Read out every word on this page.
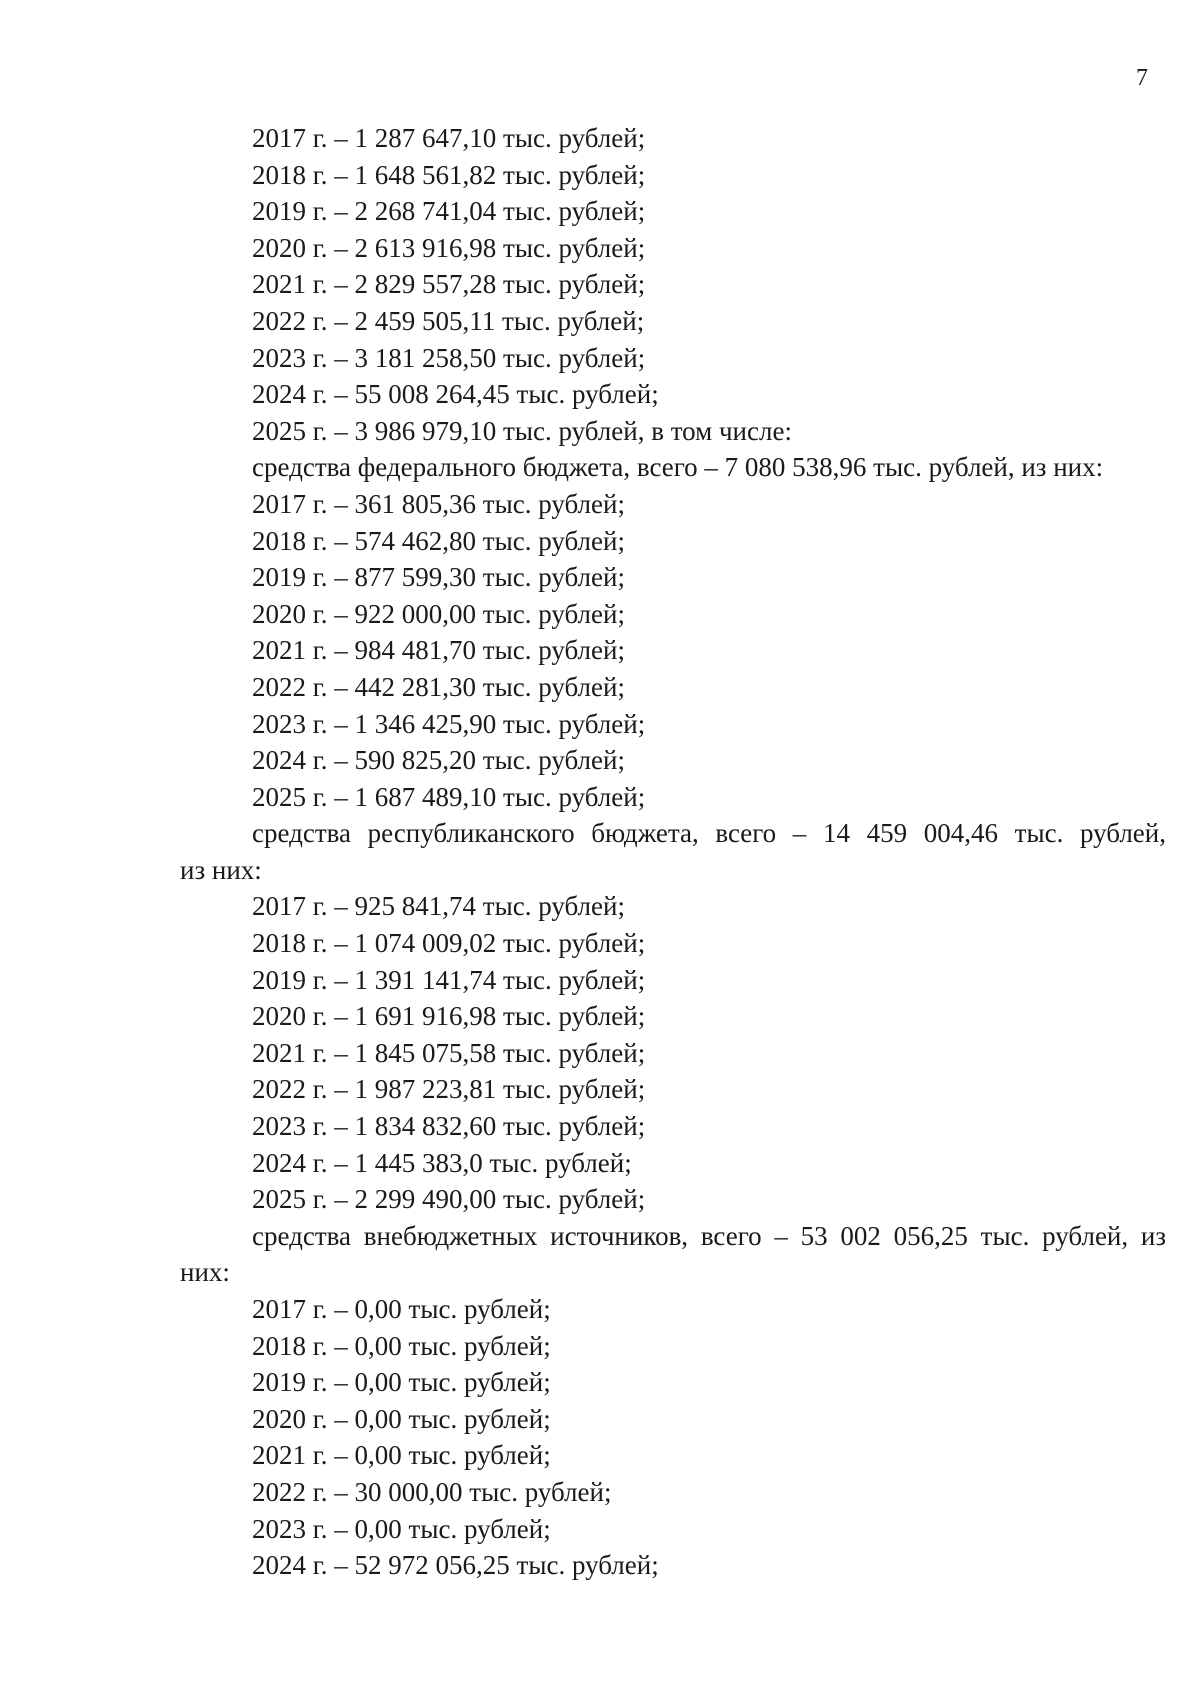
7
2017 г. – 1 287 647,10 тыс. рублей;
2018 г. – 1 648 561,82 тыс. рублей;
2019 г. – 2 268 741,04 тыс. рублей;
2020 г. – 2 613 916,98 тыс. рублей;
2021 г. – 2 829 557,28 тыс. рублей;
2022 г. – 2 459 505,11 тыс. рублей;
2023 г. – 3 181 258,50 тыс. рублей;
2024 г. – 55 008 264,45 тыс. рублей;
2025 г. – 3 986 979,10 тыс. рублей, в том числе:
средства федерального бюджета, всего – 7 080 538,96 тыс. рублей, из них:
2017 г. – 361 805,36 тыс. рублей;
2018 г. – 574 462,80 тыс. рублей;
2019 г. – 877 599,30 тыс. рублей;
2020 г. – 922 000,00 тыс. рублей;
2021 г. – 984 481,70 тыс. рублей;
2022 г. – 442 281,30 тыс. рублей;
2023 г. – 1 346 425,90 тыс. рублей;
2024 г. – 590 825,20 тыс. рублей;
2025 г. – 1 687 489,10 тыс. рублей;
средства республиканского бюджета, всего – 14 459 004,46 тыс. рублей,
из них:
2017 г. – 925 841,74 тыс. рублей;
2018 г. – 1 074 009,02 тыс. рублей;
2019 г. – 1 391 141,74 тыс. рублей;
2020 г. – 1 691 916,98 тыс. рублей;
2021 г. – 1 845 075,58 тыс. рублей;
2022 г. – 1 987 223,81 тыс. рублей;
2023 г. – 1 834 832,60 тыс. рублей;
2024 г. – 1 445 383,0 тыс. рублей;
2025 г. – 2 299 490,00 тыс. рублей;
средства внебюджетных источников, всего – 53 002 056,25 тыс. рублей, из
них:
2017 г. – 0,00 тыс. рублей;
2018 г. – 0,00 тыс. рублей;
2019 г. – 0,00 тыс. рублей;
2020 г. – 0,00 тыс. рублей;
2021 г. – 0,00 тыс. рублей;
2022 г. – 30 000,00 тыс. рублей;
2023 г. – 0,00 тыс. рублей;
2024 г. – 52 972 056,25 тыс. рублей;
